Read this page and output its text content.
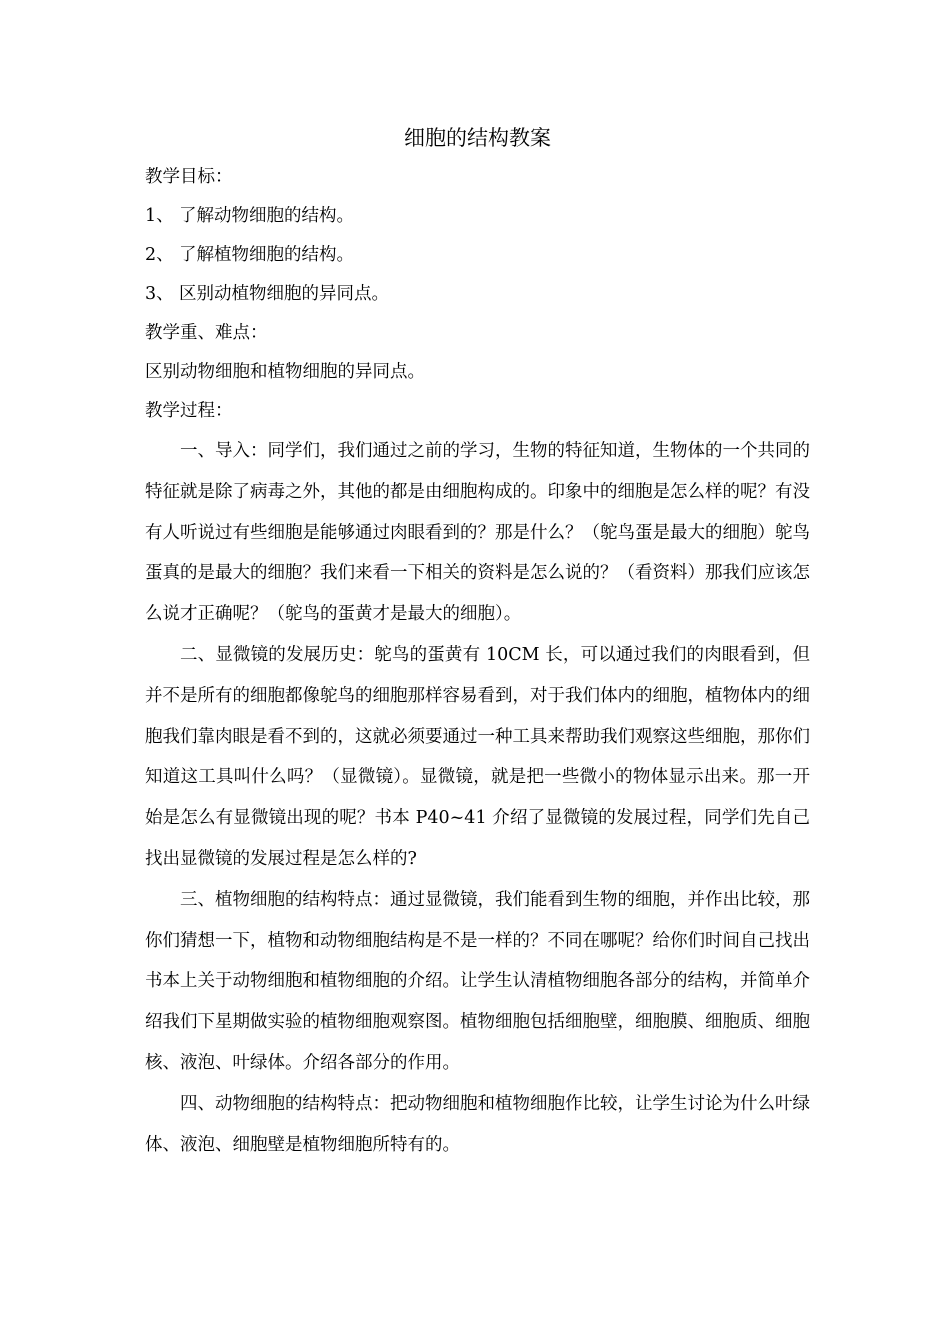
细胞的结构教案

教学目标：

1、 了解动物细胞的结构。

2、 了解植物细胞的结构。

3、 区别动植物细胞的异同点。

教学重、难点：

区别动物细胞和植物细胞的异同点。

教学过程：

一、导入：同学们，我们通过之前的学习，生物的特征知道，生物体的一个共同的特征就是除了病毒之外，其他的都是由细胞构成的。印象中的细胞是怎么样的呢？有没有人听说过有些细胞是能够通过肉眼看到的？那是什么？（鸵鸟蛋是最大的细胞）鸵鸟蛋真的是最大的细胞？我们来看一下相关的资料是怎么说的？（看资料）那我们应该怎么说才正确呢？（鸵鸟的蛋黄才是最大的细胞）。

二、显微镜的发展历史：鸵鸟的蛋黄有 10CM 长，可以通过我们的肉眼看到，但并不是所有的细胞都像鸵鸟的细胞那样容易看到，对于我们体内的细胞，植物体内的细胞我们靠肉眼是看不到的，这就必须要通过一种工具来帮助我们观察这些细胞，那你们知道这工具叫什么吗？（显微镜）。显微镜，就是把一些微小的物体显示出来。那一开始是怎么有显微镜出现的呢？书本 P40~41 介绍了显微镜的发展过程，同学们先自己找出显微镜的发展过程是怎么样的?

三、植物细胞的结构特点：通过显微镜，我们能看到生物的细胞，并作出比较，那你们猜想一下，植物和动物细胞结构是不是一样的？不同在哪呢？给你们时间自己找出书本上关于动物细胞和植物细胞的介绍。让学生认清植物细胞各部分的结构，并简单介绍我们下星期做实验的植物细胞观察图。植物细胞包括细胞壁，细胞膜、细胞质、细胞核、液泡、叶绿体。介绍各部分的作用。

四、动物细胞的结构特点：把动物细胞和植物细胞作比较，让学生讨论为什么叶绿体、液泡、细胞壁是植物细胞所特有的。
